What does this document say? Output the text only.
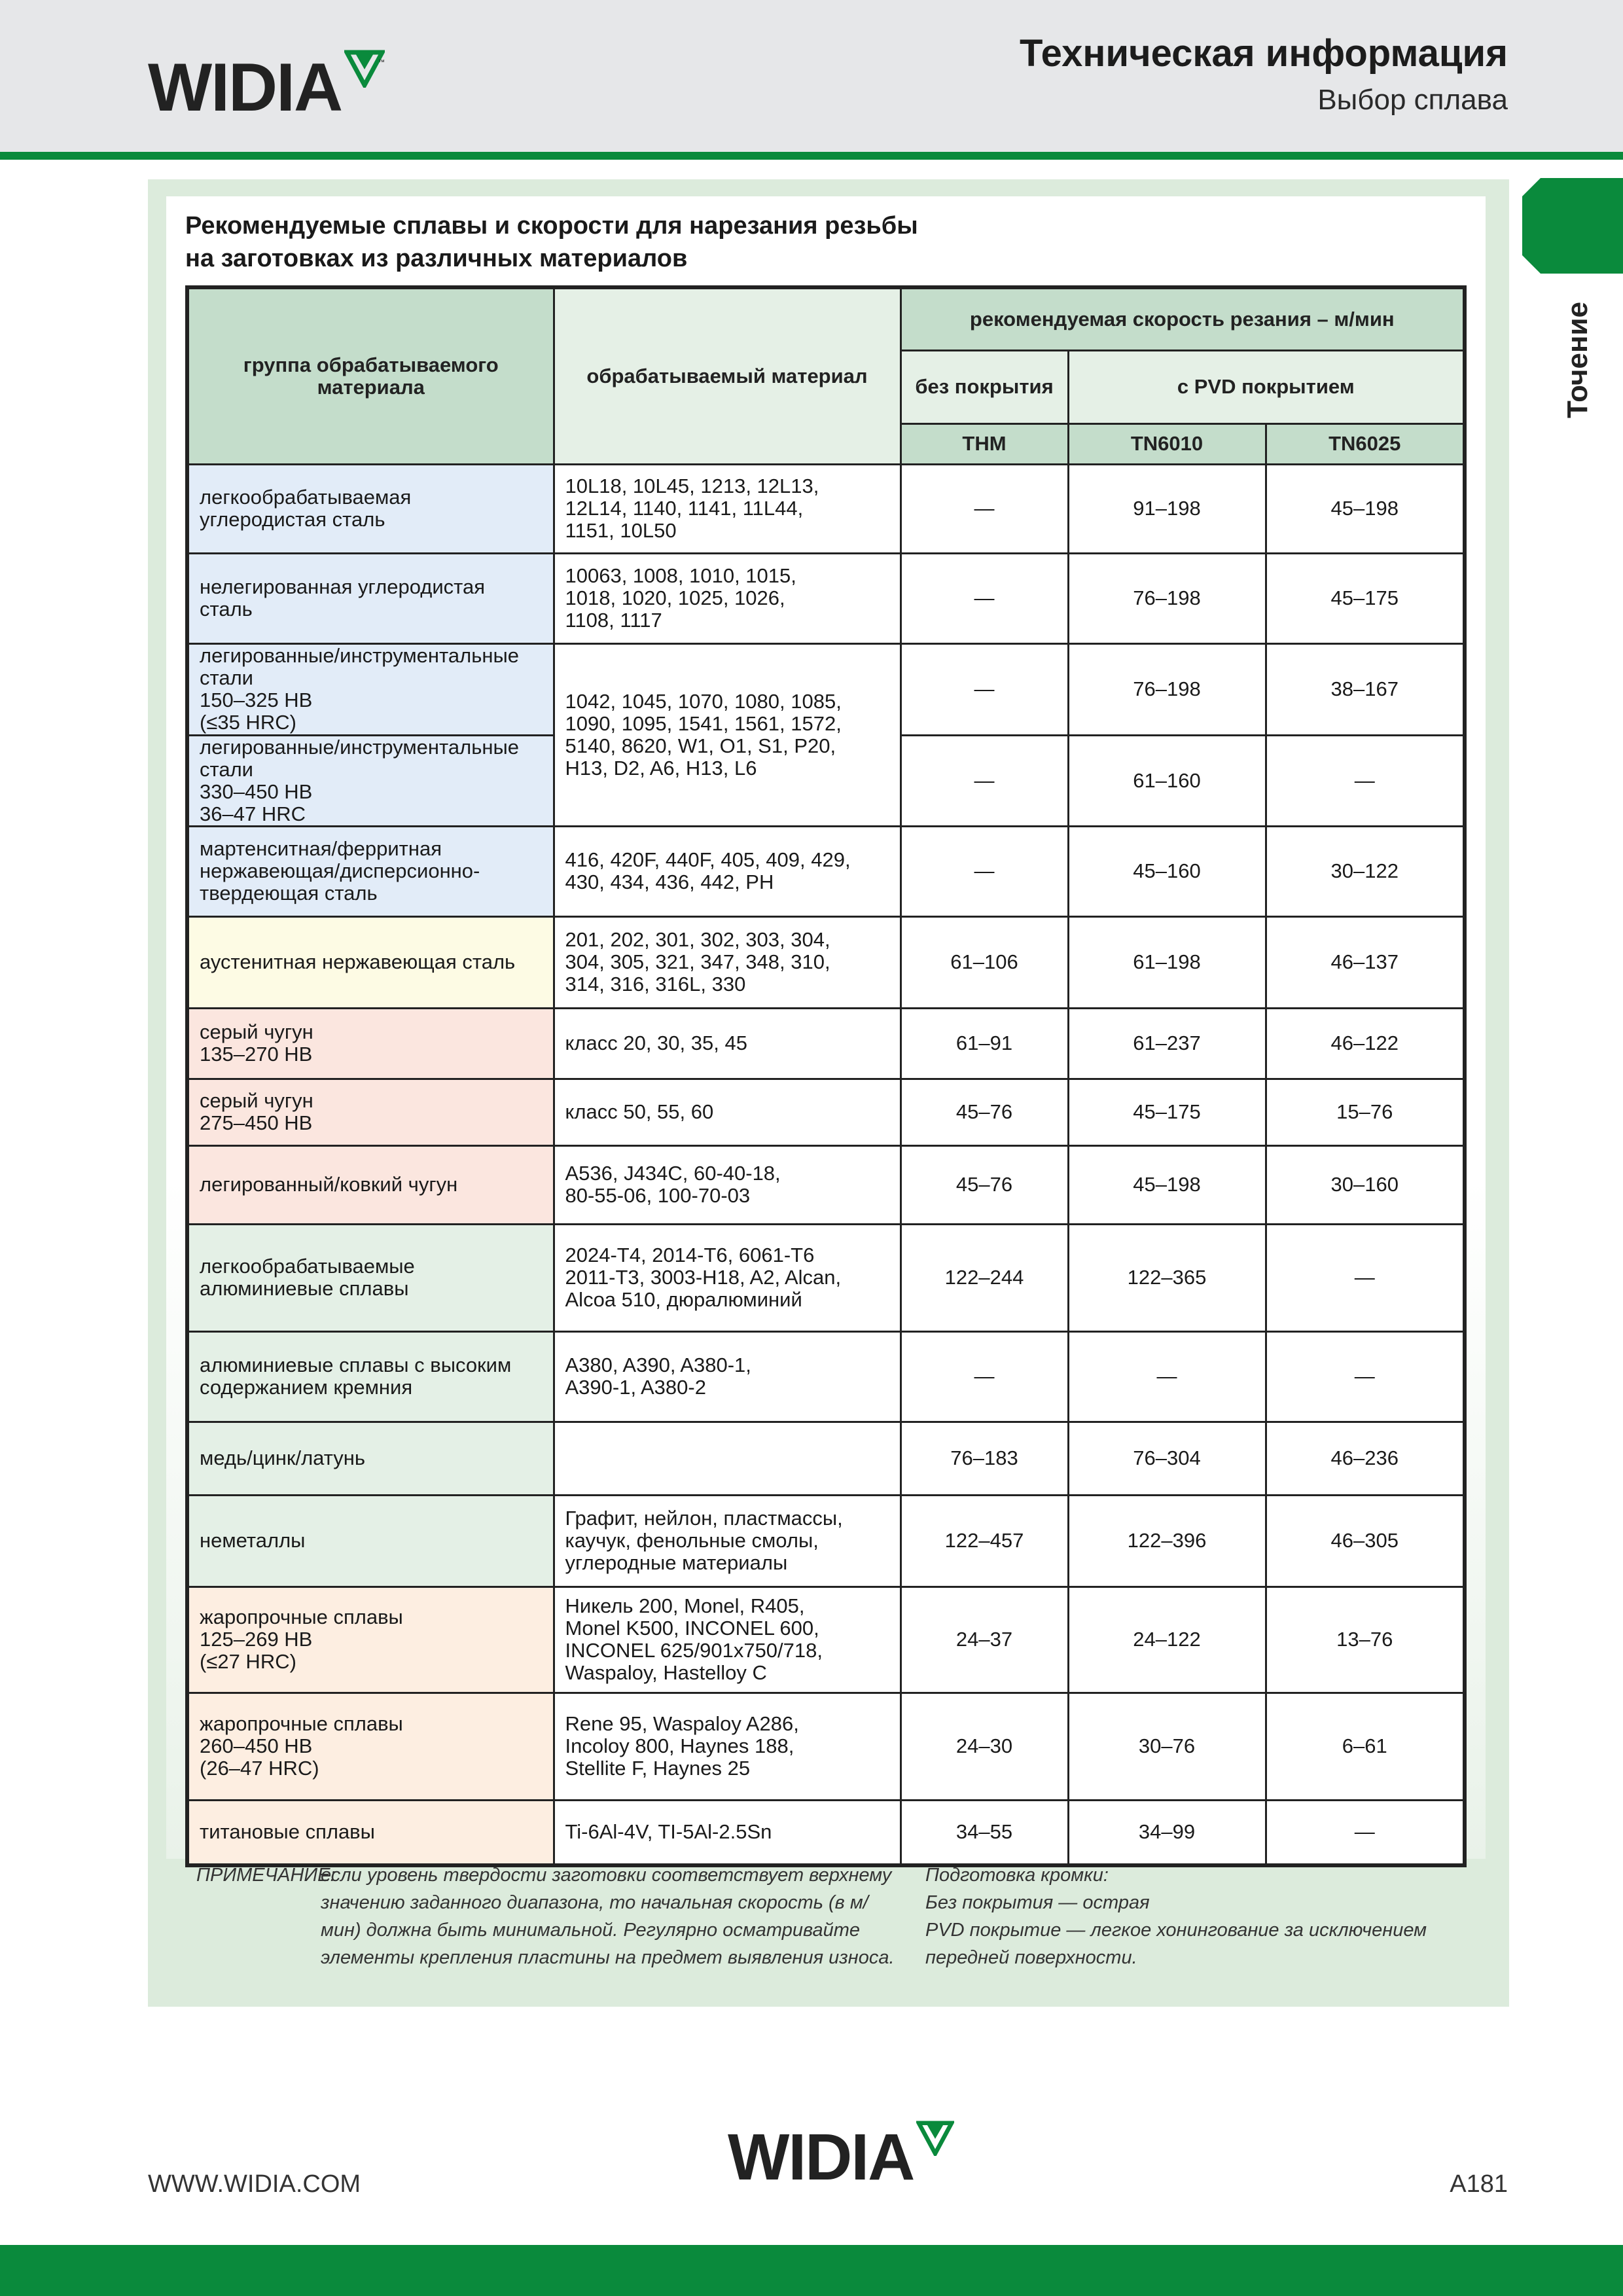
WIDIA	™	Техническая информация
Выбор сплава
Точение
Рекомендуемые сплавы и скорости для нарезания резьбы
на заготовках из различных материалов
группа обрабатываемого материала	обрабатываемый материал	рекомендуемая скорость резания – м/мин		
		без покрытия	с PVD покрытием	
		THM	TN6010	TN6025
легкообрабатываемая
углеродистая сталь	10L18, 10L45, 1213, 12L13,
12L14, 1140, 1141, 11L44,
1151, 10L50	—	91–198	45–198
нелегированная углеродистая сталь	10063, 1008, 1010, 1015,
1018, 1020, 1025, 1026,
1108, 1117	—	76–198	45–175
легированные/инструментальные стали
150–325 HB
(≤35 HRC)	1042, 1045, 1070, 1080, 1085,
1090, 1095, 1541, 1561, 1572,
5140, 8620, W1, O1, S1, P20,
H13, D2, A6, H13, L6	—	76–198	38–167
легированные/инструментальные стали
330–450 HB
36–47 HRC		—	61–160	—
мартенситная/ферритная
нержавеющая/дисперсионно-
твердеющая сталь	416, 420F, 440F, 405, 409, 429,
430, 434, 436, 442, PH	—	45–160	30–122
аустенитная нержавеющая сталь	201, 202, 301, 302, 303, 304,
304, 305, 321, 347, 348, 310,
314, 316, 316L, 330	61–106	61–198	46–137
серый чугун
135–270 HB	класс 20, 30, 35, 45	61–91	61–237	46–122
серый чугун
275–450 HB	класс 50, 55, 60	45–76	45–175	15–76
легированный/ковкий чугун	A536, J434C, 60-40-18,
80-55-06, 100-70-03	45–76	45–198	30–160
легкообрабатываемые
алюминиевые сплавы	2024-T4, 2014-T6, 6061-T6
2011-T3, 3003-H18, A2, Alcan,
Alcoa 510, дюралюминий	122–244	122–365	—
алюминиевые сплавы с высоким
содержанием кремния	A380, A390, A380-1,
A390-1, A380-2	—	—	—
медь/цинк/латунь		76–183	76–304	46–236
неметаллы	Графит, нейлон, пластмассы,
каучук, фенольные смолы,
углеродные материалы	122–457	122–396	46–305
жаропрочные сплавы
125–269 HB
(≤27 HRC)	Никель 200, Monel, R405,
Monel K500, INCONEL 600,
INCONEL 625/901x750/718,
Waspaloy, Hastelloy C	24–37	24–122	13–76
жаропрочные сплавы
260–450 HB
(26–47 HRC)	Rene 95, Waspaloy A286,
Incoloy 800, Haynes 188,
Stellite F, Haynes 25	24–30	30–76	6–61
титановые сплавы	Ti-6Al-4V, TI-5Al-2.5Sn	34–55	34–99	—
ПРИМЕЧАНИЕ:
если уровень твердости заготовки соответствует верхнему значению заданного диапазона, то начальная скорость (в м/мин) должна быть минимальной. Регулярно осматривайте элементы крепления пластины на предмет выявления износа.
Подготовка кромки:
Без покрытия — острая
PVD покрытие — легкое хонингование за исключением
передней поверхности.
WWW.WIDIA.COM	WIDIA	A181
